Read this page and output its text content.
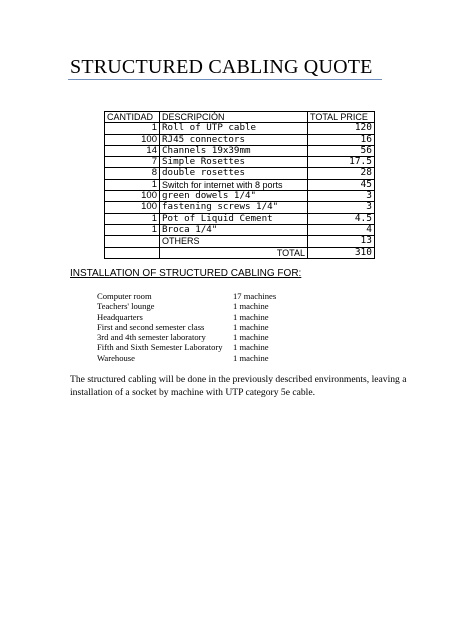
STRUCTURED CABLING QUOTE
CANTIDAD	DESCRIPCIÓN	TOTAL PRICE
1	Roll of UTP cable	120
100	RJ45 connectors	16
14	Channels 19x39mm	56
7	Simple Rosettes	17.5
8	double rosettes	28
1	Switch for internet with 8 ports	45
100	green dowels 1/4"	3
100	fastening screws 1/4"	3
1	Pot of Liquid Cement	4.5
1	Broca 1/4"	4
	OTHERS	13
	TOTAL	310
INSTALLATION OF STRUCTURED CABLING FOR:
Computer room	17 machines
Teachers' lounge	1 machine
Headquarters	1 machine
First and second semester class	1 machine
3rd and 4th semester laboratory	1 machine
Fifth and Sixth Semester Laboratory	1 machine
Warehouse	1 machine
The structured cabling will be done in the previously described environments, leaving a installation of a socket by machine with UTP category 5e cable.
